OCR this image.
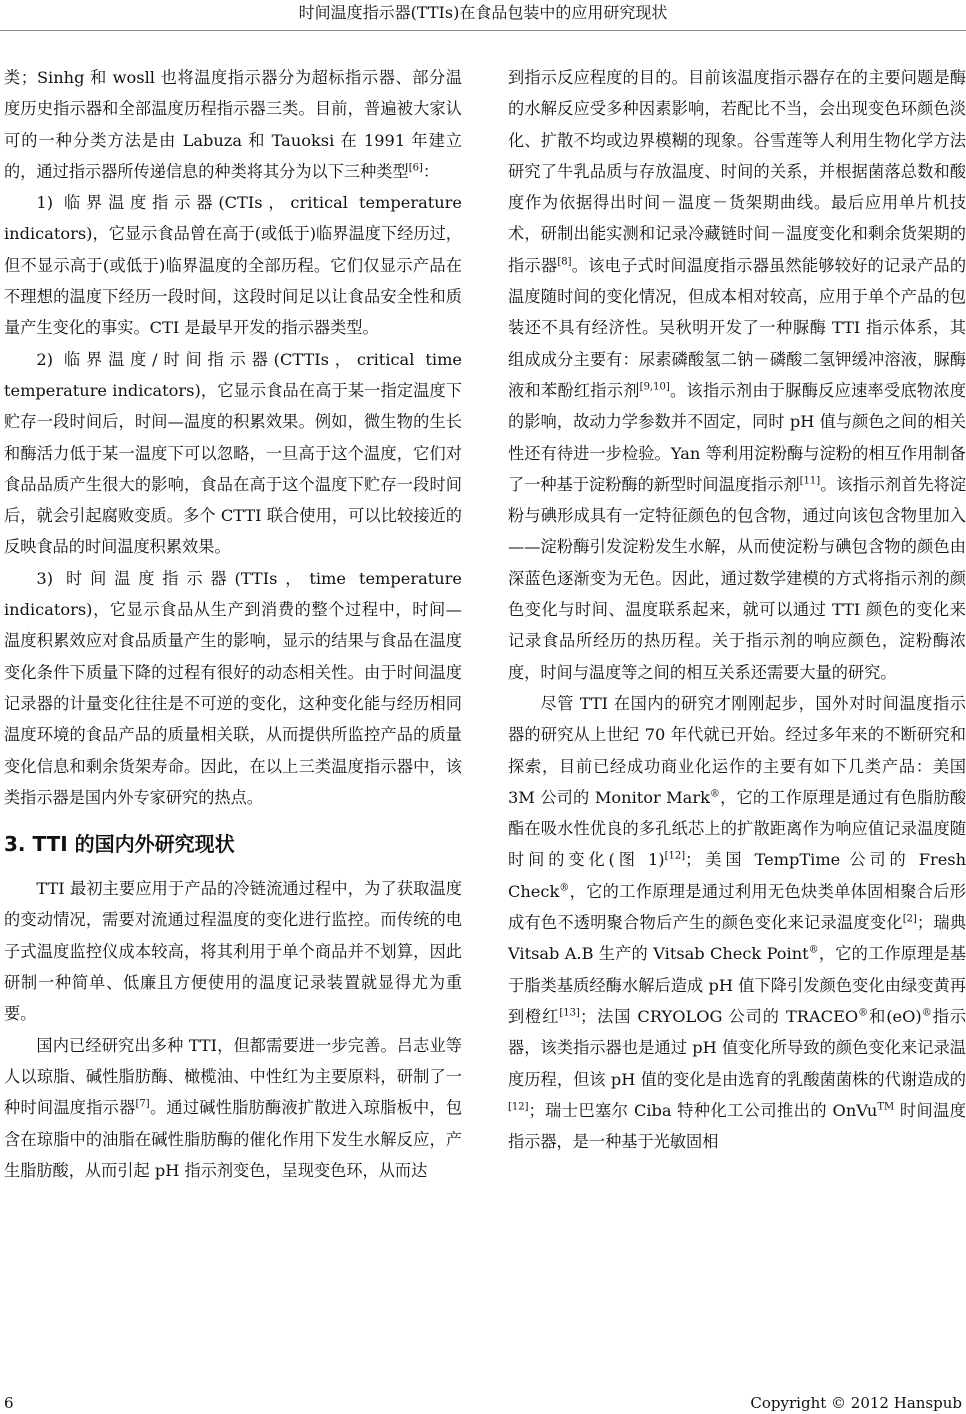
时间温度指示器(TTIs)在食品包装中的应用研究现状

类；Sinhg 和 wosll 也将温度指示器分为超标指示器、部分温度历史指示器和全部温度历程指示器三类。目前，普遍被大家认可的一种分类方法是由 Labuza 和 Tauoksi 在 1991 年建立的，通过指示器所传递信息的种类将其分为以下三种类型[6]：

1) 临界温度指示器(CTIs，critical temperature indicators)，它显示食品曾在高于(或低于)临界温度下经历过，但不显示高于(或低于)临界温度的全部历程。它们仅显示产品在不理想的温度下经历一段时间，这段时间足以让食品安全性和质量产生变化的事实。CTI 是最早开发的指示器类型。

2) 临界温度/时间指示器(CTTIs，critical time temperature indicators)，它显示食品在高于某一指定温度下贮存一段时间后，时间—温度的积累效果。例如，微生物的生长和酶活力低于某一温度下可以忽略，一旦高于这个温度，它们对食品品质产生很大的影响，食品在高于这个温度下贮存一段时间后，就会引起腐败变质。多个 CTTI 联合使用，可以比较接近的反映食品的时间温度积累效果。

3) 时间温度指示器(TTIs，time temperature indicators)，它显示食品从生产到消费的整个过程中，时间—温度积累效应对食品质量产生的影响，显示的结果与食品在温度变化条件下质量下降的过程有很好的动态相关性。由于时间温度记录器的计量变化往往是不可逆的变化，这种变化能与经历相同温度环境的食品产品的质量相关联，从而提供所监控产品的质量变化信息和剩余货架寿命。因此，在以上三类温度指示器中，该类指示器是国内外专家研究的热点。

3. TTI 的国内外研究现状

TTI 最初主要应用于产品的冷链流通过程中，为了获取温度的变动情况，需要对流通过程温度的变化进行监控。而传统的电子式温度监控仪成本较高，将其利用于单个商品并不划算，因此研制一种简单、低廉且方便使用的温度记录装置就显得尤为重要。

国内已经研究出多种 TTI，但都需要进一步完善。吕志业等人以琼脂、碱性脂肪酶、橄榄油、中性红为主要原料，研制了一种时间温度指示器[7]。通过碱性脂肪酶液扩散进入琼脂板中，包含在琼脂中的油脂在碱性脂肪酶的催化作用下发生水解反应，产生脂肪酸，从而引起 pH 指示剂变色，呈现变色环，从而达

到指示反应程度的目的。目前该温度指示器存在的主要问题是酶的水解反应受多种因素影响，若配比不当，会出现变色环颜色淡化、扩散不均或边界模糊的现象。谷雪莲等人利用生物化学方法研究了牛乳品质与存放温度、时间的关系，并根据菌落总数和酸度作为依据得出时间－温度－货架期曲线。最后应用单片机技术，研制出能实测和记录冷藏链时间－温度变化和剩余货架期的指示器[8]。该电子式时间温度指示器虽然能够较好的记录产品的温度随时间的变化情况，但成本相对较高，应用于单个产品的包装还不具有经济性。吴秋明开发了一种脲酶 TTI 指示体系，其组成成分主要有：尿素磷酸氢二钠－磷酸二氢钾缓冲溶液，脲酶液和苯酚红指示剂[9,10]。该指示剂由于脲酶反应速率受底物浓度的影响，故动力学参数并不固定，同时 pH 值与颜色之间的相关性还有待进一步检验。Yan 等利用淀粉酶与淀粉的相互作用制备了一种基于淀粉酶的新型时间温度指示剂[11]。该指示剂首先将淀粉与碘形成具有一定特征颜色的包含物，通过向该包含物里加入——淀粉酶引发淀粉发生水解，从而使淀粉与碘包含物的颜色由深蓝色逐渐变为无色。因此，通过数学建模的方式将指示剂的颜色变化与时间、温度联系起来，就可以通过 TTI 颜色的变化来记录食品所经历的热历程。关于指示剂的响应颜色，淀粉酶浓度，时间与温度等之间的相互关系还需要大量的研究。

尽管 TTI 在国内的研究才刚刚起步，国外对时间温度指示器的研究从上世纪 70 年代就已开始。经过多年来的不断研究和探索，目前已经成功商业化运作的主要有如下几类产品：美国 3M 公司的 Monitor Mark®，它的工作原理是通过有色脂肪酸酯在吸水性优良的多孔纸芯上的扩散距离作为响应值记录温度随时间的变化(图 1)[12]；美国 TempTime 公司的 Fresh Check®，它的工作原理是通过利用无色炔类单体固相聚合后形成有色不透明聚合物后产生的颜色变化来记录温度变化[2]；瑞典 Vitsab A.B 生产的 Vitsab Check Point®，它的工作原理是基于脂类基质经酶水解后造成 pH 值下降引发颜色变化由绿变黄再到橙红[13]；法国 CRYOLOG 公司的 TRACEO®和(eO)®指示器，该类指示器也是通过 pH 值变化所导致的颜色变化来记录温度历程，但该 pH 值的变化是由选育的乳酸菌菌株的代谢造成的[12]；瑞士巴塞尔 Ciba 特种化工公司推出的 OnVu™ 时间温度指示器，是一种基于光敏固相

6	Copyright © 2012 Hanspub
